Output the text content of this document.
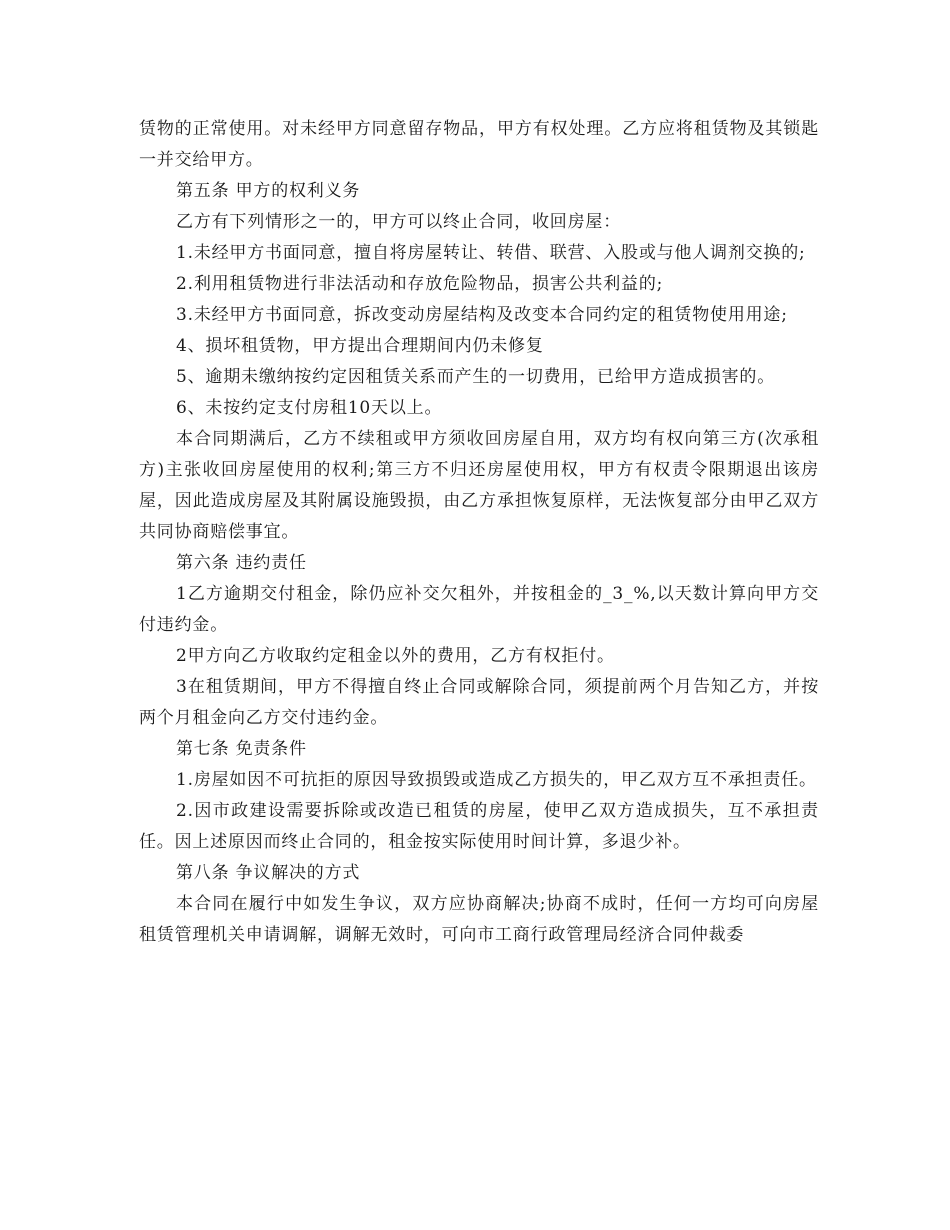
赁物的正常使用。对未经甲方同意留存物品，甲方有权处理。乙方应将租赁物及其锁匙一并交给甲方。

第五条 甲方的权利义务

乙方有下列情形之一的，甲方可以终止合同，收回房屋：

1.未经甲方书面同意，擅自将房屋转让、转借、联营、入股或与他人调剂交换的;

2.利用租赁物进行非法活动和存放危险物品，损害公共利益的;

3.未经甲方书面同意，拆改变动房屋结构及改变本合同约定的租赁物使用用途;

4、损坏租赁物，甲方提出合理期间内仍未修复

5、逾期未缴纳按约定因租赁关系而产生的一切费用，已给甲方造成损害的。

6、未按约定支付房租10天以上。

本合同期满后，乙方不续租或甲方须收回房屋自用，双方均有权向第三方(次承租方)主张收回房屋使用的权利;第三方不归还房屋使用权，甲方有权责令限期退出该房屋，因此造成房屋及其附属设施毁损，由乙方承担恢复原样，无法恢复部分由甲乙双方共同协商赔偿事宜。

第六条 违约责任

1乙方逾期交付租金，除仍应补交欠租外，并按租金的_3_%,以天数计算向甲方交付违约金。

2甲方向乙方收取约定租金以外的费用，乙方有权拒付。

3在租赁期间，甲方不得擅自终止合同或解除合同，须提前两个月告知乙方，并按两个月租金向乙方交付违约金。

第七条 免责条件

1.房屋如因不可抗拒的原因导致损毁或造成乙方损失的，甲乙双方互不承担责任。

2.因市政建设需要拆除或改造已租赁的房屋，使甲乙双方造成损失，互不承担责任。因上述原因而终止合同的，租金按实际使用时间计算，多退少补。

第八条 争议解决的方式

本合同在履行中如发生争议，双方应协商解决;协商不成时，任何一方均可向房屋租赁管理机关申请调解，调解无效时，可向市工商行政管理局经济合同仲裁委
